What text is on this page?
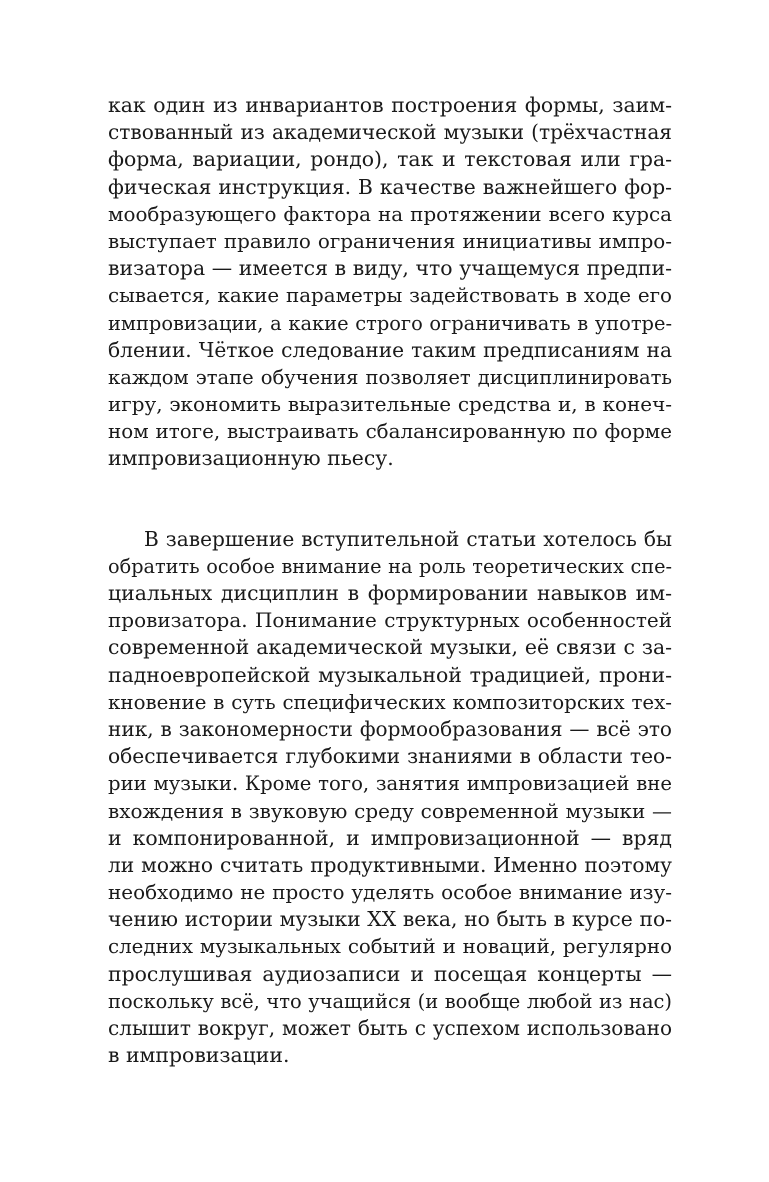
как один из инвариантов построения формы, заим-
ствованный из академической музыки (трёхчастная
форма, вариации, рондо), так и текстовая или гра-
фическая инструкция. В качестве важнейшего фор-
мообразующего фактора на протяжении всего курса
выступает правило ограничения инициативы импро-
визатора — имеется в виду, что учащемуся предпи-
сывается, какие параметры задействовать в ходе его
импровизации, а какие строго ограничивать в употре-
блении. Чёткое следование таким предписаниям на
каждом этапе обучения позволяет дисциплинировать
игру, экономить выразительные средства и, в конеч-
ном итоге, выстраивать сбалансированную по форме
импровизационную пьесу.
В завершение вступительной статьи хотелось бы
обратить особое внимание на роль теоретических спе-
циальных дисциплин в формировании навыков им-
провизатора. Понимание структурных особенностей
современной академической музыки, её связи с за-
падноевропейской музыкальной традицией, прони-
кновение в суть специфических композиторских тех-
ник, в закономерности формообразования — всё это
обеспечивается глубокими знаниями в области тео-
рии музыки. Кроме того, занятия импровизацией вне
вхождения в звуковую среду современной музыки —
и компонированной, и импровизационной — вряд
ли можно считать продуктивными. Именно поэтому
необходимо не просто уделять особое внимание изу-
чению истории музыки XX века, но быть в курсе по-
следних музыкальных событий и новаций, регулярно
прослушивая аудиозаписи и посещая концерты —
поскольку всё, что учащийся (и вообще любой из нас)
слышит вокруг, может быть с успехом использовано
в импровизации.
